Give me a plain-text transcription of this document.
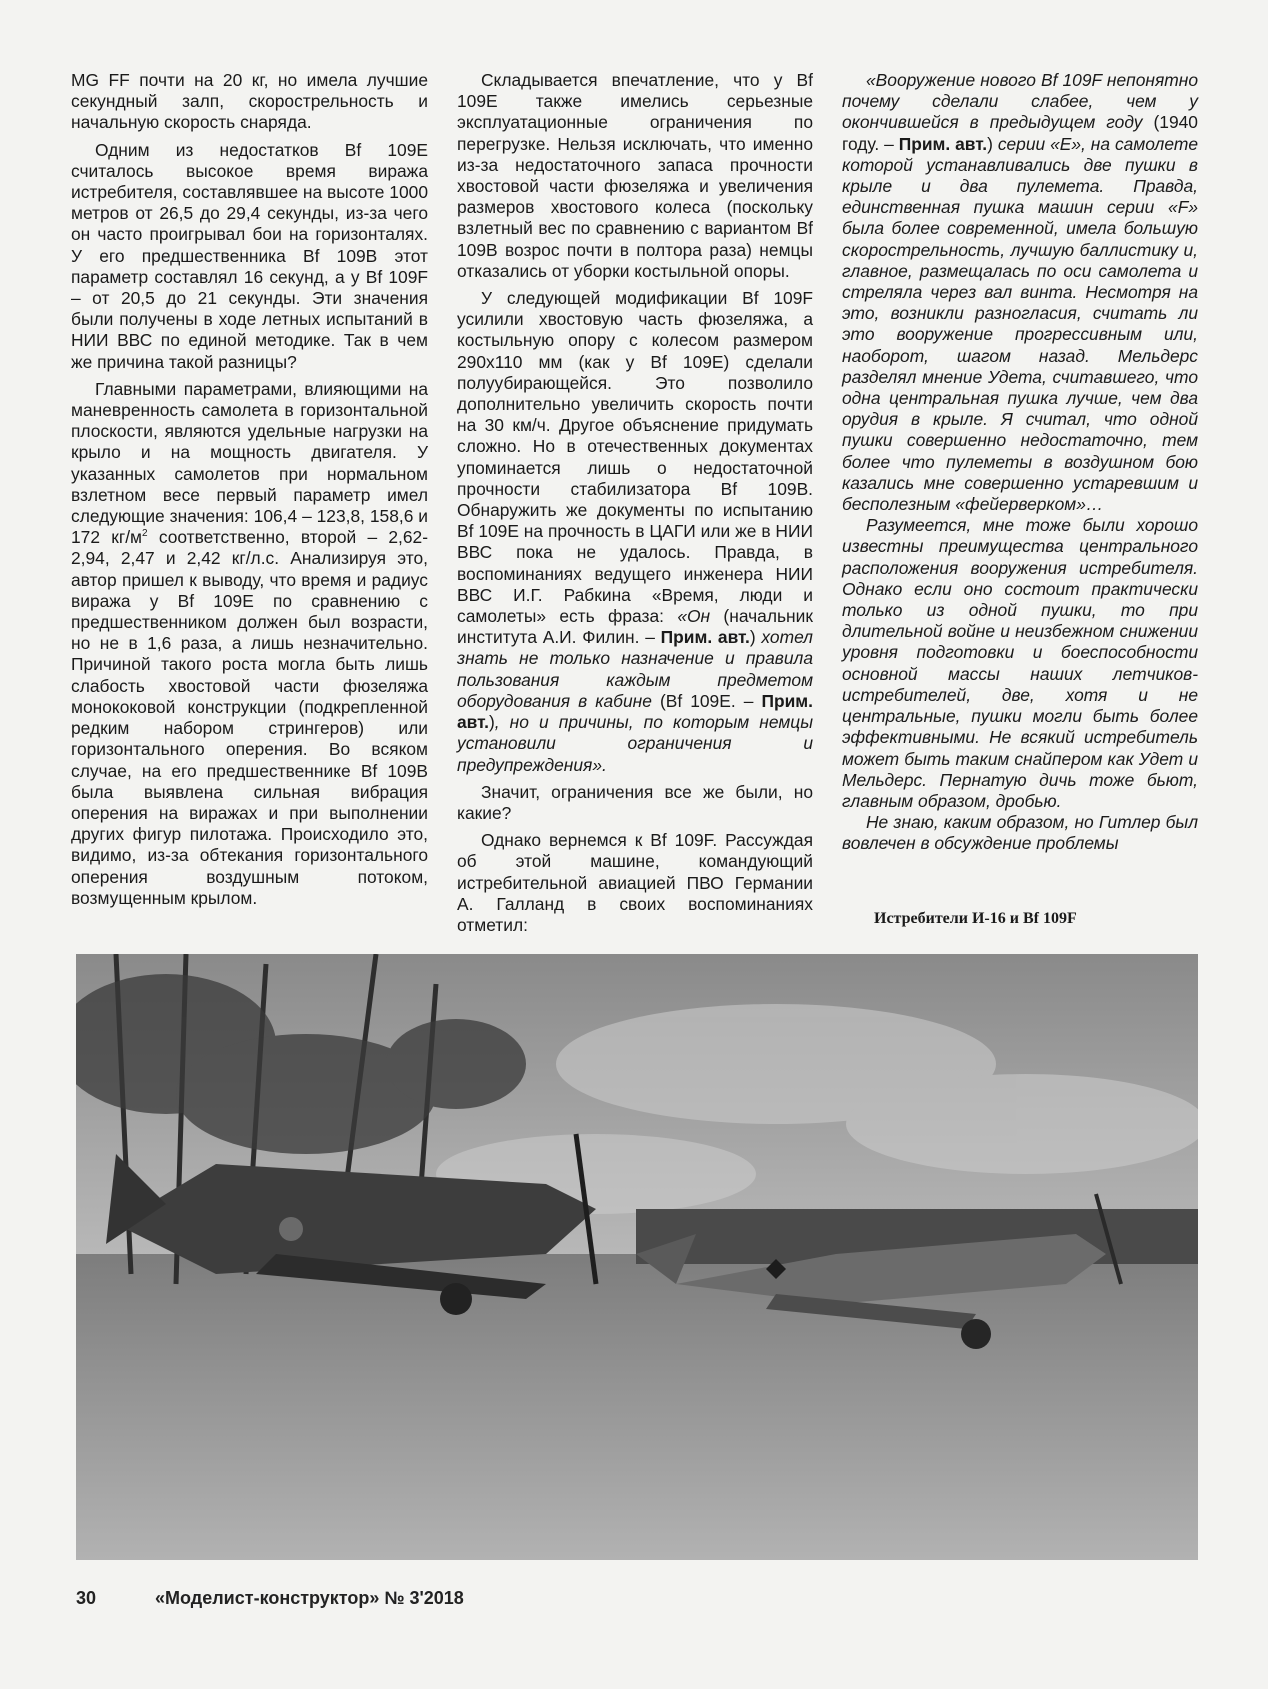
MG FF почти на 20 кг, но имела лучшие секундный залп, скорострельность и начальную скорость снаряда.

Одним из недостатков Bf 109E считалось высокое время виража истребителя, составлявшее на высоте 1000 метров от 26,5 до 29,4 секунды, из-за чего он часто проигрывал бои на горизонталях. У его предшественника Bf 109B этот параметр составлял 16 секунд, а у Bf 109F – от 20,5 до 21 секунды. Эти значения были получены в ходе летных испытаний в НИИ ВВС по единой методике. Так в чем же причина такой разницы?

Главными параметрами, влияющими на маневренность самолета в горизонтальной плоскости, являются удельные нагрузки на крыло и на мощность двигателя. У указанных самолетов при нормальном взлетном весе первый параметр имел следующие значения: 106,4 – 123,8, 158,6 и 172 $кг/м^2$ соответственно, второй – 2,62-2,94, 2,47 и 2,42 кг/л.с. Анализируя это, автор пришел к выводу, что время и радиус виража у Bf 109E по сравнению с предшественником должен был возрасти, но не в 1,6 раза, а лишь незначительно. Причиной такого роста могла быть лишь слабость хвостовой части фюзеляжа монококовой конструкции (подкрепленной редким набором стрингеров) или горизонтального оперения. Во всяком случае, на его предшественнике Bf 109B была выявлена сильная вибрация оперения на виражах и при выполнении других фигур пилотажа. Происходило это, видимо, из-за обтекания горизонтального оперения воздушным потоком, возмущенным крылом.

Складывается впечатление, что у Bf 109E также имелись серьезные эксплуатационные ограничения по перегрузке. Нельзя исключать, что именно из-за недостаточного запаса прочности хвостовой части фюзеляжа и увеличения размеров хвостового колеса (поскольку взлетный вес по сравнению с вариантом Bf 109B возрос почти в полтора раза) немцы отказались от уборки костыльной опоры.

У следующей модификации Bf 109F усилили хвостовую часть фюзеляжа, а костыльную опору с колесом размером 290x110 мм (как у Bf 109E) сделали полуубирающейся. Это позволило дополнительно увеличить скорость почти на 30 км/ч. Другое объяснение придумать сложно. Но в отечественных документах упоминается лишь о недостаточной прочности стабилизатора Bf 109B. Обнаружить же документы по испытанию Bf 109E на прочность в ЦАГИ или же в НИИ ВВС пока не удалось. Правда, в воспоминаниях ведущего инженера НИИ ВВС И.Г. Рабкина «Время, люди и самолеты» есть фраза: «Он (начальник института А.И. Филин. – Прим. авт.) хотел знать не только назначение и правила пользования каждым предметом оборудования в кабине (Bf 109E. – Прим. авт.), но и причины, по которым немцы установили ограничения и предупреждения».

Значит, ограничения все же были, но какие?

Однако вернемся к Bf 109F. Рассуждая об этой машине, командующий истребительной авиацией ПВО Германии А. Галланд в своих воспоминаниях отметил:

«Вооружение нового Bf 109F непонятно почему сделали слабее, чем у окончившейся в предыдущем году (1940 году. – Прим. авт.) серии «E», на самолете которой устанавливались две пушки в крыле и два пулемета. Правда, единственная пушка машин серии «F» была более современной, имела большую скорострельность, лучшую баллистику и, главное, размещалась по оси самолета и стреляла через вал винта. Несмотря на это, возникли разногласия, считать ли это вооружение прогрессивным или, наоборот, шагом назад. Мельдерс разделял мнение Удета, считавшего, что одна центральная пушка лучше, чем два орудия в крыле. Я считал, что одной пушки совершенно недостаточно, тем более что пулеметы в воздушном бою казались мне совершенно устаревшим и бесполезным «фейерверком»…

Разумеется, мне тоже были хорошо известны преимущества центрального расположения вооружения истребителя. Однако если оно состоит практически только из одной пушки, то при длительной войне и неизбежном снижении уровня подготовки и боеспособности основной массы наших летчиков-истребителей, две, хотя и не центральные, пушки могли быть более эффективными. Не всякий истребитель может быть таким снайпером как Удет и Мельдерс. Пернатую дичь тоже бьют, главным образом, дробью.

Не знаю, каким образом, но Гитлер был вовлечен в обсуждение проблемы

Истребители И-16 и Bf 109F
30	«Моделист-конструктор» № 3'2018
